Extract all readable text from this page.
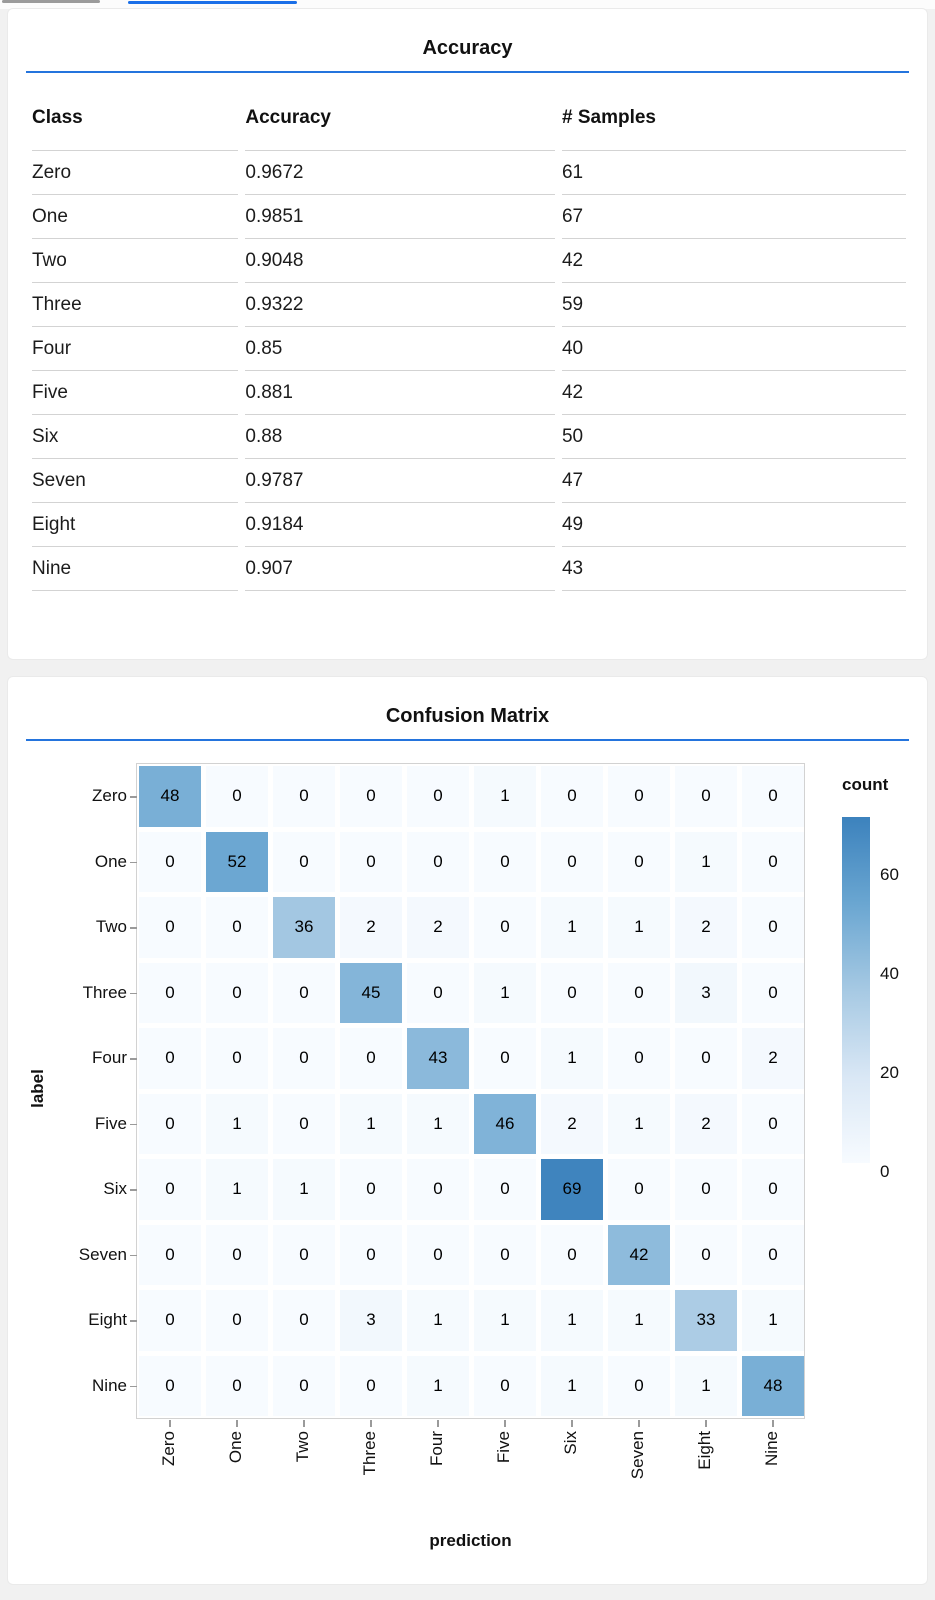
Accuracy
Class	Accuracy	# Samples
Zero	0.9672	61
One	0.9851	67
Two	0.9048	42
Three	0.9322	59
Four	0.85	40
Five	0.881	42
Six	0.88	50
Seven	0.9787	47
Eight	0.9184	49
Nine	0.907	43
Confusion Matrix
label
48	0	0	0	0	1	0	0	0	0
0	52	0	0	0	0	0	0	1	0
0	0	36	2	2	0	1	1	2	0
0	0	0	45	0	1	0	0	3	0
0	0	0	0	43	0	1	0	0	2
0	1	0	1	1	46	2	1	2	0
0	1	1	0	0	0	69	0	0	0
0	0	0	0	0	0	0	42	0	0
0	0	0	3	1	1	1	1	33	1
0	0	0	0	1	0	1	0	1	48
Zero
One
Two
Three
Four
Five
Six
Seven
Eight
Nine
Zero	One	Two	Three	Four	Five	Six	Seven	Eight	Nine
prediction
count
60
40
20
0
